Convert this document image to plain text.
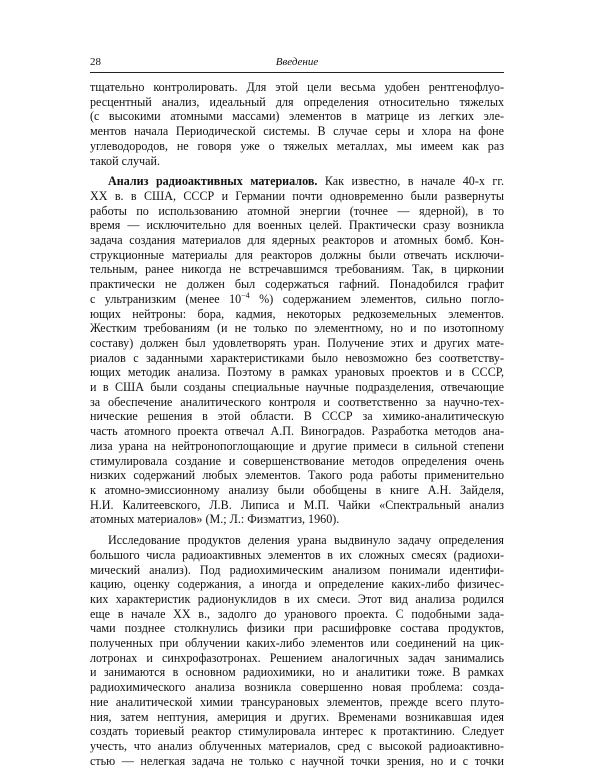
28	Введение
тщательно контролировать. Для этой цели весьма удобен рентгенофлуо-
ресцентный анализ, идеальный для определения относительно тяжелых
(с высокими атомными массами) элементов в матрице из легких эле-
ментов начала Периодической системы. В случае серы и хлора на фоне
углеводородов, не говоря уже о тяжелых металлах, мы имеем как раз
такой случай.
Анализ радиоактивных материалов. Как известно, в начале 40-х гг.
XX в. в США, СССР и Германии почти одновременно были развернуты
работы по использованию атомной энергии (точнее — ядерной), в то
время — исключительно для военных целей. Практически сразу возникла
задача создания материалов для ядерных реакторов и атомных бомб. Кон-
струкционные материалы для реакторов должны были отвечать исключи-
тельным, ранее никогда не встречавшимся требованиям. Так, в цирконии
практически не должен был содержаться гафний. Понадобился графит
с ультранизким (менее $10^{-4}$ %) содержанием элементов, сильно погло-
ющих нейтроны: бора, кадмия, некоторых редкоземельных элементов.
Жестким требованиям (и не только по элементному, но и по изотопному
составу) должен был удовлетворять уран. Получение этих и других мате-
риалов с заданными характеристиками было невозможно без соответству-
ющих методик анализа. Поэтому в рамках урановых проектов и в СССР,
и в США были созданы специальные научные подразделения, отвечающие
за обеспечение аналитического контроля и соответственно за научно-тех-
нические решения в этой области. В СССР за химико-аналитическую
часть атомного проекта отвечал А.П. Виноградов. Разработка методов ана-
лиза урана на нейтронопоглощающие и другие примеси в сильной степени
стимулировала создание и совершенствование методов определения очень
низких содержаний любых элементов. Такого рода работы применительно
к атомно-эмиссионному анализу были обобщены в книге А.Н. Зайделя,
Н.И. Калитеевского, Л.В. Липиса и М.П. Чайки «Спектральный анализ
атомных материалов» (М.; Л.: Физматгиз, 1960).
Исследование продуктов деления урана выдвинуло задачу определения
большого числа радиоактивных элементов в их сложных смесях (радиохи-
мический анализ). Под радиохимическим анализом понимали идентифи-
кацию, оценку содержания, а иногда и определение каких-либо физичес-
ких характеристик радионуклидов в их смеси. Этот вид анализа родился
еще в начале XX в., задолго до уранового проекта. С подобными зада-
чами позднее столкнулись физики при расшифровке состава продуктов,
полученных при облучении каких-либо элементов или соединений на цик-
лотронах и синхрофазотронах. Решением аналогичных задач занимались
и занимаются в основном радиохимики, но и аналитики тоже. В рамках
радиохимического анализа возникла совершенно новая проблема: созда-
ние аналитической химии трансурановых элементов, прежде всего плуто-
ния, затем нептуния, америция и других. Временами возникавшая идея
создать ториевый реактор стимулировала интерес к протактинию. Следует
учесть, что анализ облученных материалов, сред с высокой радиоактивно-
стью — нелегкая задача не только с научной точки зрения, но и с точки
